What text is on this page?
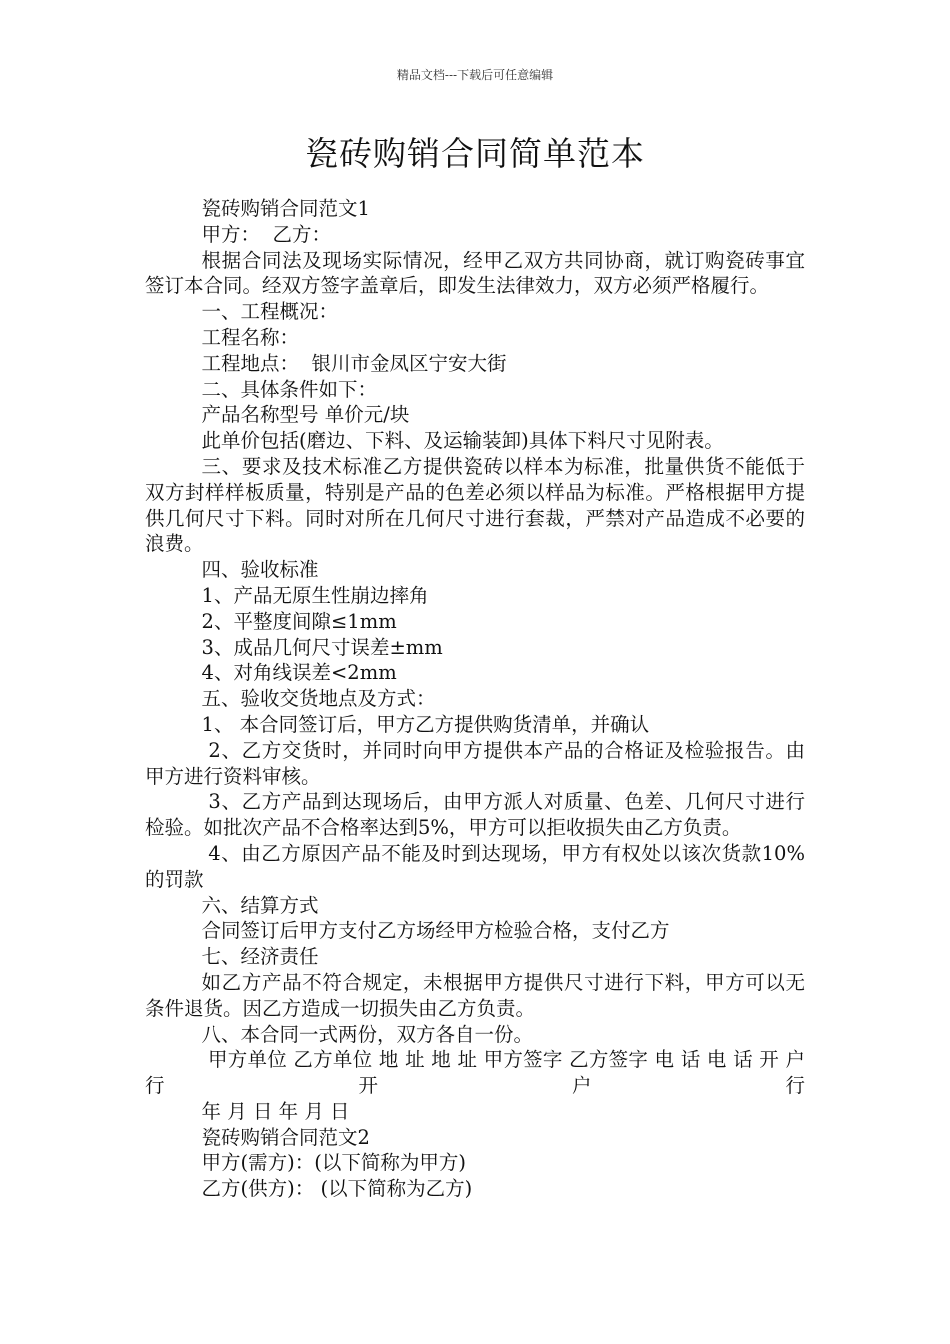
精品文档---下载后可任意编辑
瓷砖购销合同简单范本

瓷砖购销合同范文1

甲方：  乙方：

根据合同法及现场实际情况，经甲乙双方共同协商，就订购瓷砖事宜签订本合同。经双方签字盖章后，即发生法律效力，双方必须严格履行。

一、工程概况：

工程名称：

工程地点：  银川市金凤区宁安大街

二、具体条件如下：

产品名称型号 单价元/块

此单价包括(磨边、下料、及运输装卸)具体下料尺寸见附表。

三、要求及技术标准乙方提供瓷砖以样本为标准，批量供货不能低于双方封样样板质量，特别是产品的色差必须以样品为标准。严格根据甲方提供几何尺寸下料。同时对所在几何尺寸进行套裁，严禁对产品造成不必要的浪费。

四、验收标准

1、产品无原生性崩边摔角

2、平整度间隙≤1mm

3、成品几何尺寸误差±mm

4、对角线误差<2mm

五、验收交货地点及方式：

1、 本合同签订后，甲方乙方提供购货清单，并确认

2、乙方交货时，并同时向甲方提供本产品的合格证及检验报告。由甲方进行资料审核。

3、乙方产品到达现场后，由甲方派人对质量、色差、几何尺寸进行检验。如批次产品不合格率达到5%，甲方可以拒收损失由乙方负责。

4、由乙方原因产品不能及时到达现场，甲方有权处以该次货款10%的罚款

六、结算方式

合同签订后甲方支付乙方场经甲方检验合格，支付乙方

七、经济责任

如乙方产品不符合规定，未根据甲方提供尺寸进行下料，甲方可以无条件退货。因乙方造成一切损失由乙方负责。

八、本合同一式两份，双方各自一份。

甲方单位 乙方单位 地 址 地 址 甲方签字 乙方签字 电 话 电 话 开 户 行 开 户 行

年 月 日 年 月 日

瓷砖购销合同范文2

甲方(需方)：(以下简称为甲方)

乙方(供方)： (以下简称为乙方)
